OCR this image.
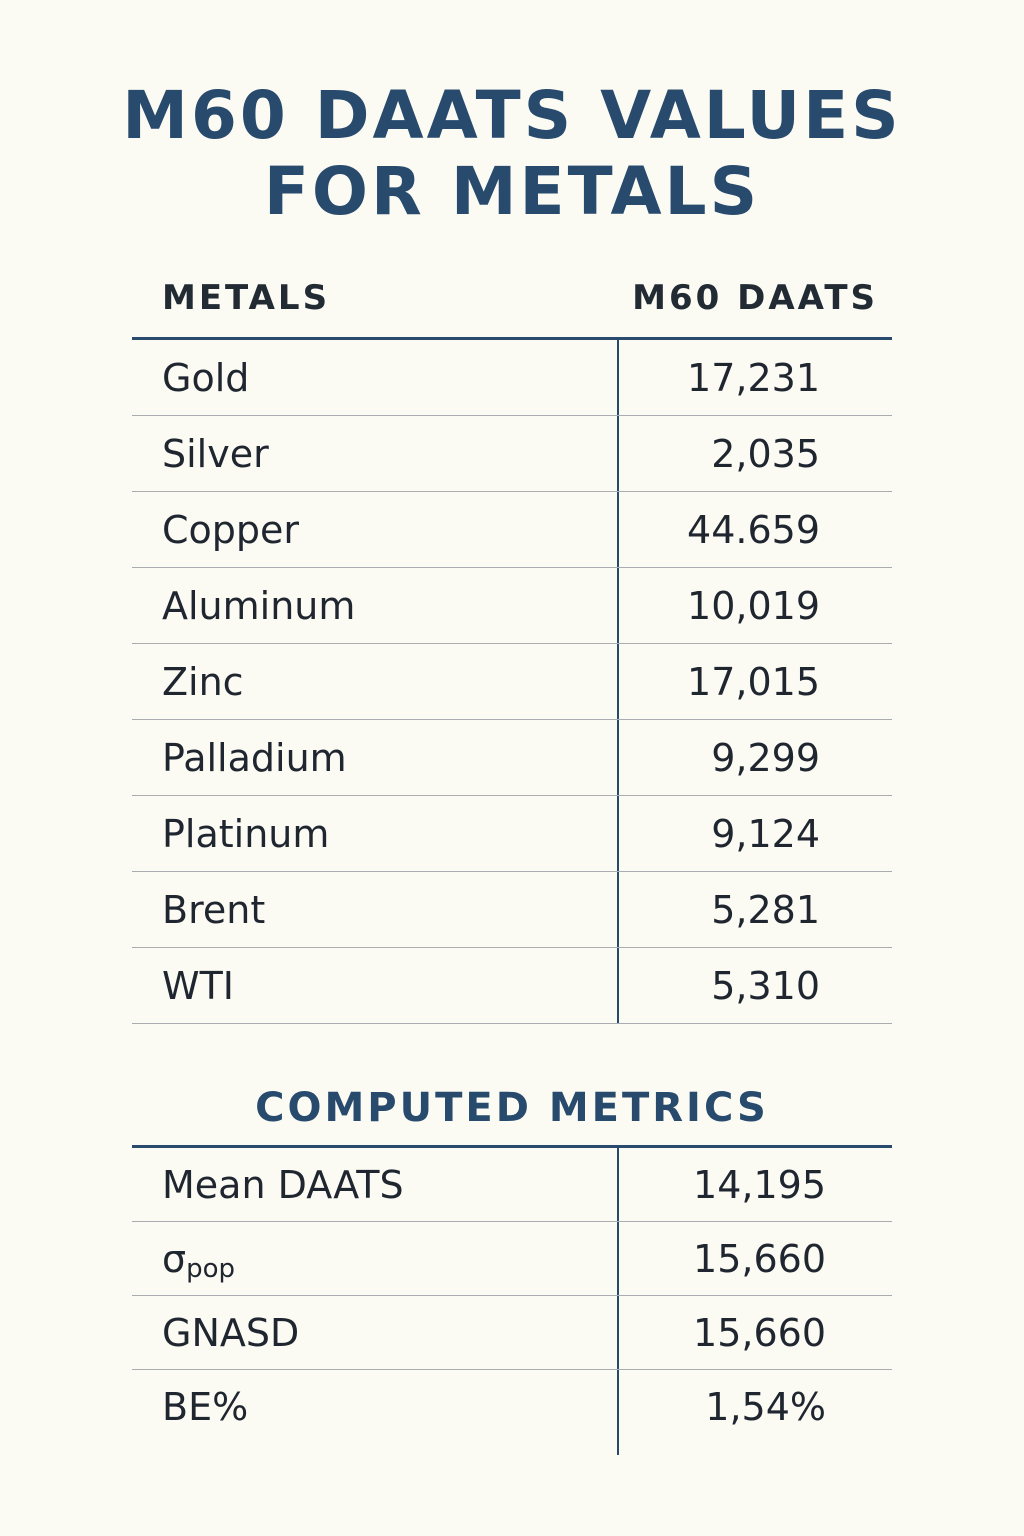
M60 DAATS VALUES
FOR METALS
METALS	M60 DAATS
Gold	17,231
Silver	2,035
Copper	44.659
Aluminum	10,019
Zinc	17,015
Palladium	9,299
Platinum	9,124
Brent	5,281
WTI	5,310
COMPUTED METRICS
Mean DAATS	14,195
σ pop	15,660
GNASD	15,660
BE%	1,54%
